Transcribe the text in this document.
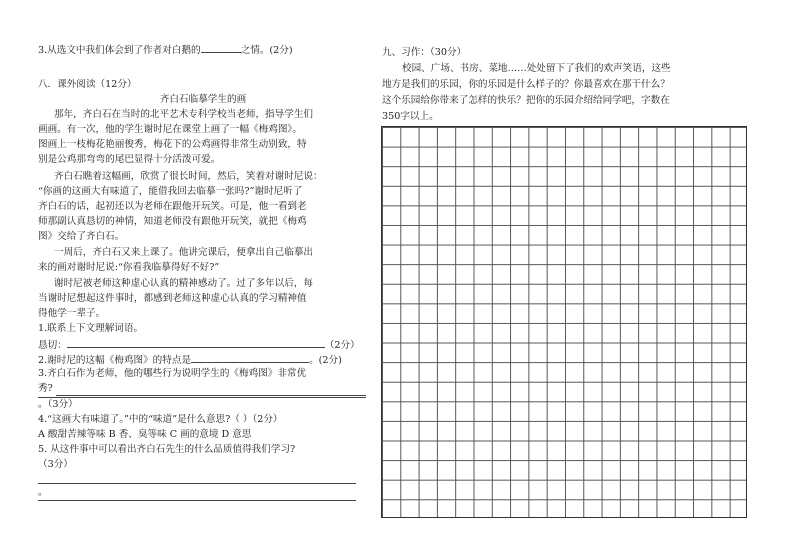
3.从选文中我们体会到了作者对白鹅的	之情。(2分)
八．课外阅读（12分）
齐白石临摹学生的画
那年，齐白石在当时的北平艺术专科学校当老师，指导学生们
画画。有一次，他的学生谢时尼在课堂上画了一幅《梅鸡图》。
图画上一枝梅花艳丽俊秀，梅花下的公鸡画得非常生动别致，特
别是公鸡那弯弯的尾巴显得十分活泼可爱。
齐白石瞧着这幅画，欣赏了很长时间，然后，笑着对谢时尼说：
“你画的这画大有味道了，能借我回去临摹一张吗?”谢时尼听了
齐白石的话，起初还以为老师在跟他开玩笑。可是，他一看到老
师那副认真恳切的神情，知道老师没有跟他开玩笑，就把《梅鸡
图》交给了齐白石。
一周后，齐白石又来上课了。他讲完课后，便拿出自己临摹出
来的画对谢时尼说:“你看我临摹得好不好?”
谢时尼被老师这种虚心认真的精神感动了。过了多年以后，每
当谢时尼想起这件事时，都感到老师这种虚心认真的学习精神值
得他学一辈子。
1.联系上下文理解词语。
恳切：	（2分）
2.谢时尼的这幅《梅鸡图》的特点是	。(2分)
3.齐白石作为老师，他的哪些行为说明学生的《梅鸡图》非常优
秀?
。（3分）
4.“这画大有味道了。”中的“味道”是什么意思?（ ）（2分）
A 酸甜苦辣等味 B 香、臭等味 C 画的意境 D 意思
5. 从这件事中可以看出齐白石先生的什么品质值得我们学习?
（3分）
。
九、习作：（30分）
校园、广场、书房、菜地……处处留下了我们的欢声笑语，这些
地方是我们的乐园，你的乐园是什么样子的？你最喜欢在那干什么？
这个乐园给你带来了怎样的快乐？把你的乐园介绍给同学吧，字数在
350字以上。
